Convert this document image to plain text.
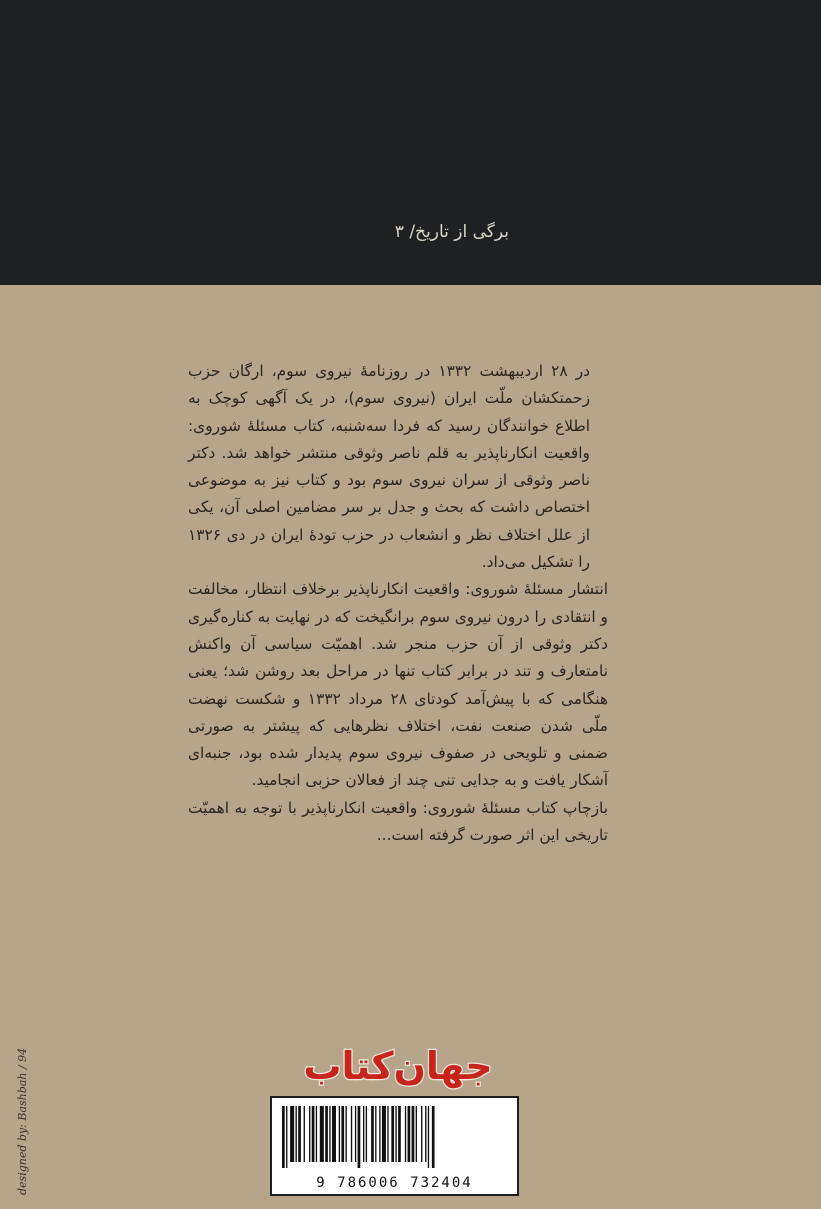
برگی از تاریخ/ ۳

در ۲۸ اردیبهشت ۱۳۳۲ در روزنامهٔ نیروی سوم، ارگان حزب زحمتکشان ملّت ایران (نیروی سوم)، در یک آگهی کوچک به اطلاع خوانندگان رسید که فردا سه‌شنبه، کتاب مسئلهٔ شوروی: واقعیت انکارناپذیر به قلم ناصر وثوقی منتشر خواهد شد. دکتر ناصر وثوقی از سران نیروی سوم بود و کتاب نیز به موضوعی اختصاص داشت که بحث و جدل بر سر مضامین اصلی آن، یکی از علل اختلاف نظر و انشعاب در حزب تودهٔ ایران در دی ۱۳۲۶ را تشکیل می‌داد.

انتشار مسئلهٔ شوروی: واقعیت انکارناپذیر برخلاف انتظار، مخالفت و انتقادی را درون نیروی سوم برانگیخت که در نهایت به کناره‌گیری دکتر وثوقی از آن حزب منجر شد. اهمیّت سیاسی آن واکنش نامتعارف و تند در برابر کتاب تنها در مراحل بعد روشن شد؛ یعنی هنگامی که با پیش‌آمد کودتای ۲۸ مرداد ۱۳۳۲ و شکست نهضت ملّی شدن صنعت نفت، اختلاف نظرهایی که پیشتر به صورتی ضمنی و تلویحی در صفوف نیروی سوم پدیدار شده بود، جنبه‌ای آشکار یافت و به جدایی تنی چند از فعالان حزبی انجامید.

بازچاپ کتاب مسئلهٔ شوروی: واقعیت انکارناپذیر با توجه به اهمیّت تاریخی این اثر صورت گرفته است...

جهان‌کتاب
9 786006 732404
designed by: Bashbah / 94
